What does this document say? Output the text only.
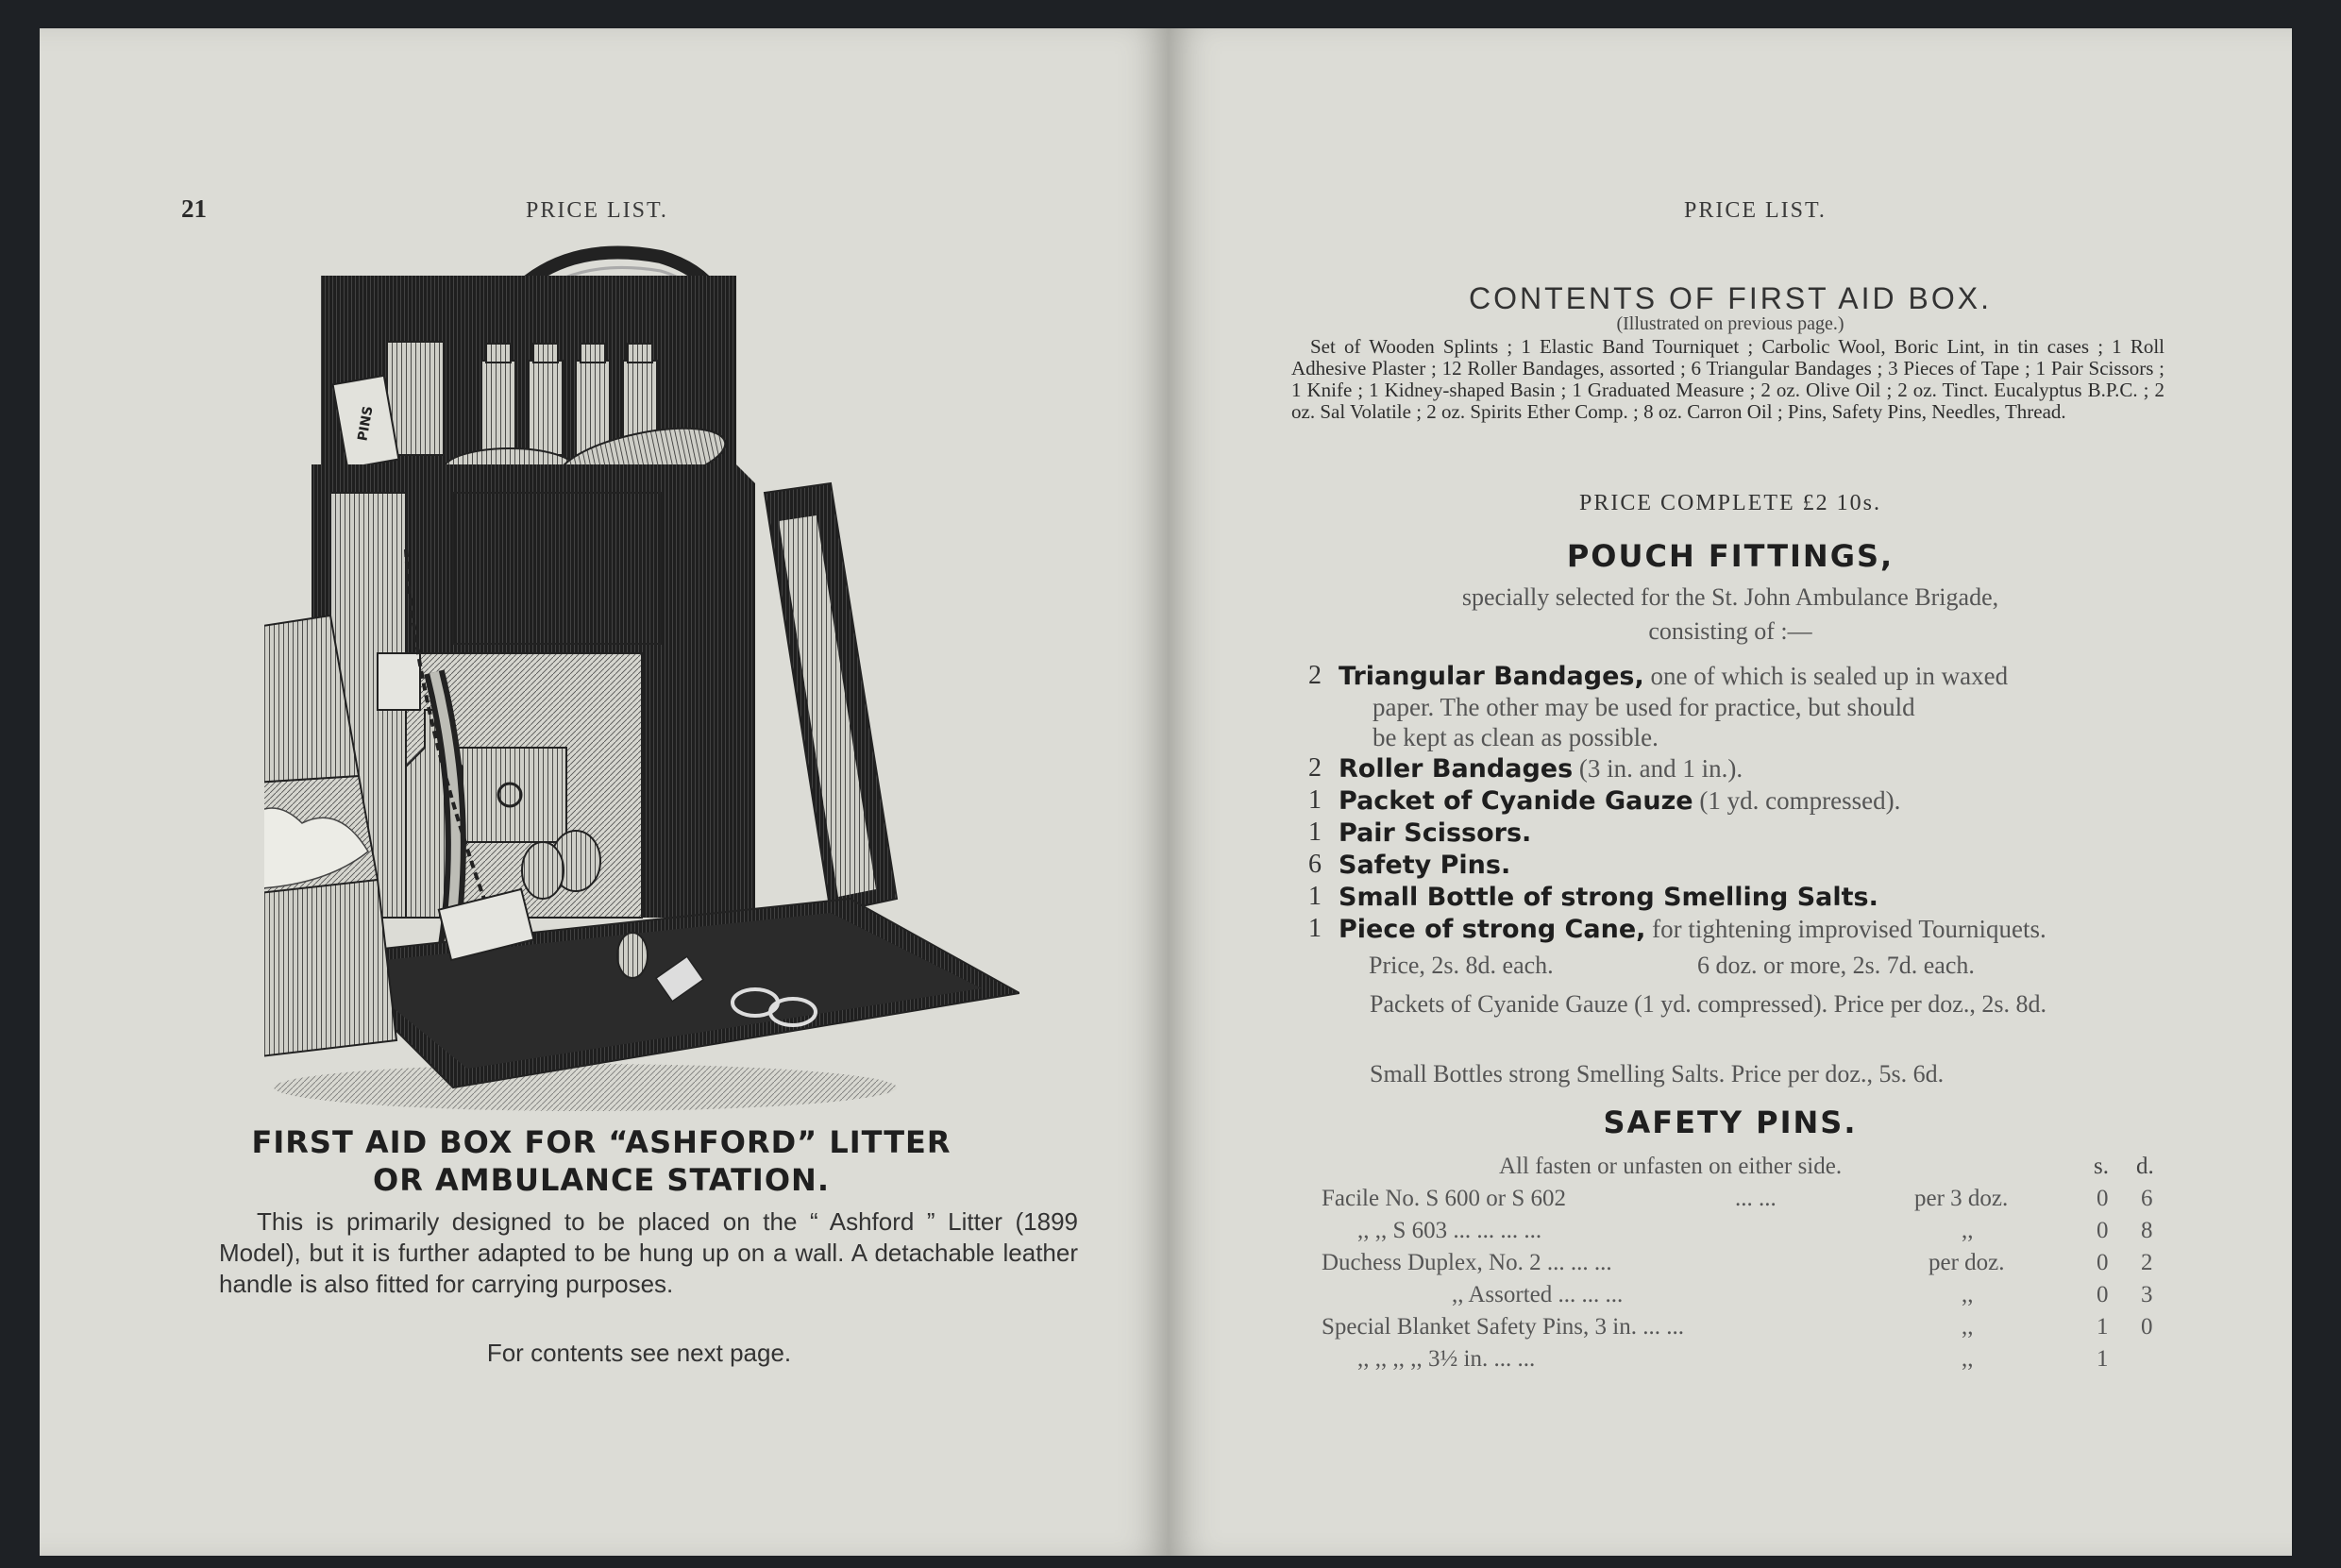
21	PRICE LIST.
PINS
FIRST AID BOX FOR “ASHFORD” LITTER
OR AMBULANCE STATION.
This is primarily designed to be placed on the “ Ashford ” Litter (1899 Model), but it is further adapted to be hung up on a wall. A detachable leather handle is also fitted for carrying purposes.
For contents see next page.
PRICE LIST.
CONTENTS OF FIRST AID BOX.
(Illustrated on previous page.)
Set of Wooden Splints ; 1 Elastic Band Tourniquet ; Carbolic Wool, Boric Lint, in tin cases ; 1 Roll Adhesive Plaster ; 12 Roller Bandages, assorted ; 6 Triangular Bandages ; 3 Pieces of Tape ; 1 Pair Scissors ; 1 Knife ; 1 Kidney-shaped Basin ; 1 Graduated Measure ; 2 oz. Olive Oil ; 2 oz. Tinct. Eucalyptus B.P.C. ; 2 oz. Sal Volatile ; 2 oz. Spirits Ether Comp. ; 8 oz. Carron Oil ; Pins, Safety Pins, Needles, Thread.
PRICE COMPLETE £2 10s.
POUCH FITTINGS,
specially selected for the St. John Ambulance Brigade,
consisting of :—
2 Triangular Bandages, one of which is sealed up in waxed
paper. The other may be used for practice, but should
be kept as clean as possible.
2 Roller Bandages (3 in. and 1 in.).
1 Packet of Cyanide Gauze (1 yd. compressed).
1 Pair Scissors.
6 Safety Pins.
1 Small Bottle of strong Smelling Salts.
1 Piece of strong Cane, for tightening improvised Tourniquets.
Price, 2s. 8d. each.	6 doz. or more, 2s. 7d. each.
Packets of Cyanide Gauze (1 yd. compressed). Price per doz., 2s. 8d.
Small Bottles strong Smelling Salts. Price per doz., 5s. 6d.
SAFETY PINS.
All fasten or unfasten on either side.	s. d.
Facile No. S 600 or S 602	... ...	per 3 doz.	0 6
,, ,, S 603 ... ... ... ...	,,	0 8
Duchess Duplex, No. 2 ... ... ...	per doz.	0 2
,, Assorted ... ... ...	,,	0 3
Special Blanket Safety Pins, 3 in. ... ...	,,	1 0
,, ,, ,, ,, 3½ in. ... ...	,,	1
